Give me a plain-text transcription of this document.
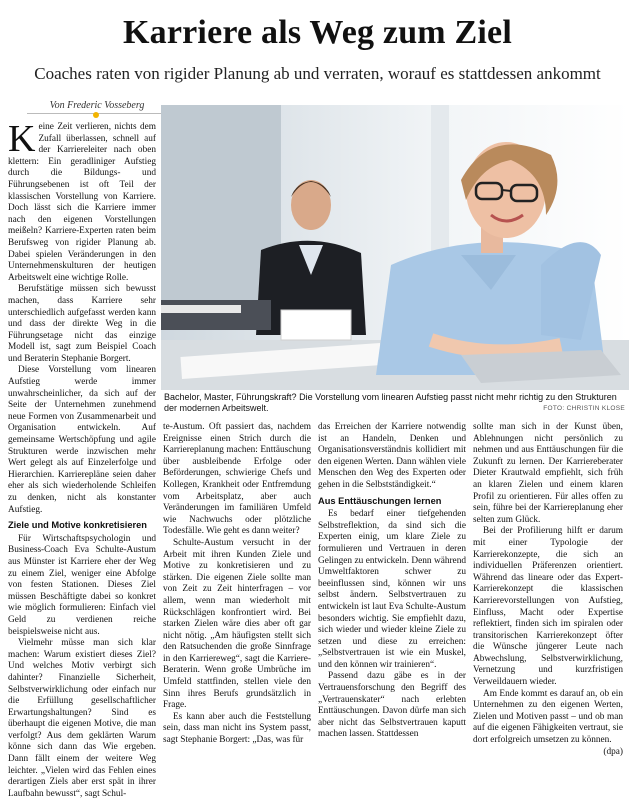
Karriere als Weg zum Ziel
Coaches raten von rigider Planung ab und verraten, worauf es stattdessen ankommt
Von Frederic Vosseberg
Bachelor, Master, Führungskraft? Die Vorstellung vom linearen Aufstieg passt nicht mehr richtig zu den Strukturen der modernen Arbeitswelt.	FOTO: CHRISTIN KLOSE

Keine Zeit verlieren, nichts dem Zufall überlassen, schnell auf der Karriereleiter nach oben klettern: Ein geradliniger Aufstieg durch die Bildungs- und Führungsebenen ist oft Teil der klassischen Vorstellung von Karriere. Doch lässt sich die Karriere immer nach den eigenen Vorstellungen meißeln? Karriere-Experten raten beim Berufsweg von rigider Planung ab. Dabei spielen Veränderungen in den Unternehmenskulturen der heutigen Arbeitswelt eine wichtige Rolle.

Berufstätige müssen sich bewusst machen, dass Karriere sehr unterschiedlich aufgefasst werden kann und dass der direkte Weg in die Führungsetage nicht das einzige Modell ist, sagt zum Beispiel Coach und Beraterin Stephanie Borgert.

Diese Vorstellung vom linearen Aufstieg werde immer unwahrscheinlicher, da sich auf der Seite der Unternehmen zunehmend neue Formen von Zusammenarbeit und Organisation entwickeln. Auf gemeinsame Wertschöpfung und agile Strukturen werde inzwischen mehr Wert gelegt als auf Einzelerfolge und Hierarchien. Karrierepläne seien daher eher als sich wiederholende Schleifen zu denken, nicht als konstanter Aufstieg.

Ziele und Motive konkretisieren

Für Wirtschaftspsychologin und Business-Coach Eva Schulte-Austum aus Münster ist Karriere eher der Weg zu einem Ziel, weniger eine Abfolge von festen Stationen. Dieses Ziel müssen Beschäftigte dabei so konkret wie möglich formulieren: Einfach viel Geld zu verdienen reiche beispielsweise nicht aus.

Vielmehr müsse man sich klar machen: Warum existiert dieses Ziel? Und welches Motiv verbirgt sich dahinter? Finanzielle Sicherheit, Selbstverwirklichung oder einfach nur die Erfüllung gesellschaftlicher Erwartungshaltungen? Sind es überhaupt die eigenen Motive, die man verfolgt? Aus dem geklärten Warum könne sich dann das Wie ergeben. Dann fällt einem der weitere Weg leichter. „Vielen wird das Fehlen eines derartigen Ziels aber erst spät in ihrer Laufbahn bewusst“, sagt Schul-

te-Austum. Oft passiert das, nachdem Ereignisse einen Strich durch die Karriereplanung machen: Enttäuschung über ausbleibende Erfolge oder Beförderungen, schwierige Chefs und Kollegen, Krankheit oder Entfremdung vom Arbeitsplatz, aber auch Veränderungen im familiären Umfeld wie Nachwuchs oder plötzliche Todesfälle. Wie geht es dann weiter?

Schulte-Austum versucht in der Arbeit mit ihren Kunden Ziele und Motive zu konkretisieren und zu stärken. Die eigenen Ziele sollte man von Zeit zu Zeit hinterfragen – vor allem, wenn man wiederholt mit Rückschlägen konfrontiert wird. Bei starken Zielen wäre dies aber oft gar nicht nötig. „Am häufigsten stellt sich den Ratsuchenden die große Sinnfrage in den Karriereweg“, sagt die Karriere-Beraterin. Wenn große Umbrüche im Umfeld stattfinden, stellen viele den Sinn ihres Berufs grundsätzlich in Frage.

Es kann aber auch die Feststellung sein, dass man nicht ins System passt, sagt Stephanie Borgert: „Das, was für

das Erreichen der Karriere notwendig ist an Handeln, Denken und Organisationsverständnis kollidiert mit den eigenen Werten. Dann wählen viele Menschen den Weg des Experten oder gehen in die Selbstständigkeit.“

Aus Enttäuschungen lernen

Es bedarf einer tiefgehenden Selbstreflektion, da sind sich die Experten einig, um klare Ziele zu formulieren und Vertrauen in deren Gelingen zu entwickeln. Denn während Umweltfaktoren schwer zu beeinflussen sind, können wir uns selbst ändern. Selbstvertrauen zu entwickeln ist laut Eva Schulte-Austum besonders wichtig. Sie empfiehlt dazu, sich wieder und wieder kleine Ziele zu setzen und diese zu erreichen: „Selbstvertrauen ist wie ein Muskel, und den können wir trainieren“.

Passend dazu gäbe es in der Vertrauensforschung den Begriff des „Vertrauenskater“ nach erlebten Enttäuschungen. Davon dürfe man sich aber nicht das Selbstvertrauen kaputt machen lassen. Stattdessen

sollte man sich in der Kunst üben, Ablehnungen nicht persönlich zu nehmen und aus Enttäuschungen für die Zukunft zu lernen. Der Karriereberater Dieter Krautwald empfiehlt, sich früh an klaren Zielen und einem klaren Profil zu orientieren. Für alles offen zu sein, führe bei der Karriereplanung eher selten zum Glück.

Bei der Profilierung hilft er darum mit einer Typologie der Karrierekonzepte, die sich an individuellen Präferenzen orientiert. Während das lineare oder das Expert-Karrierekonzept die klassischen Karrierevorstellungen von Aufstieg, Einfluss, Macht oder Expertise reflektiert, finden sich im spiralen oder transitorischen Karrierekonzept öfter die Wünsche jüngerer Leute nach Abwechslung, Selbstverwirklichung, Vernetzung und kurzfristigen Verweildauern wieder.

Am Ende kommt es darauf an, ob ein Unternehmen zu den eigenen Werten, Zielen und Motiven passt – und ob man auf die eigenen Fähigkeiten vertraut, sie dort erfolgreich umsetzen zu können.
(dpa)
